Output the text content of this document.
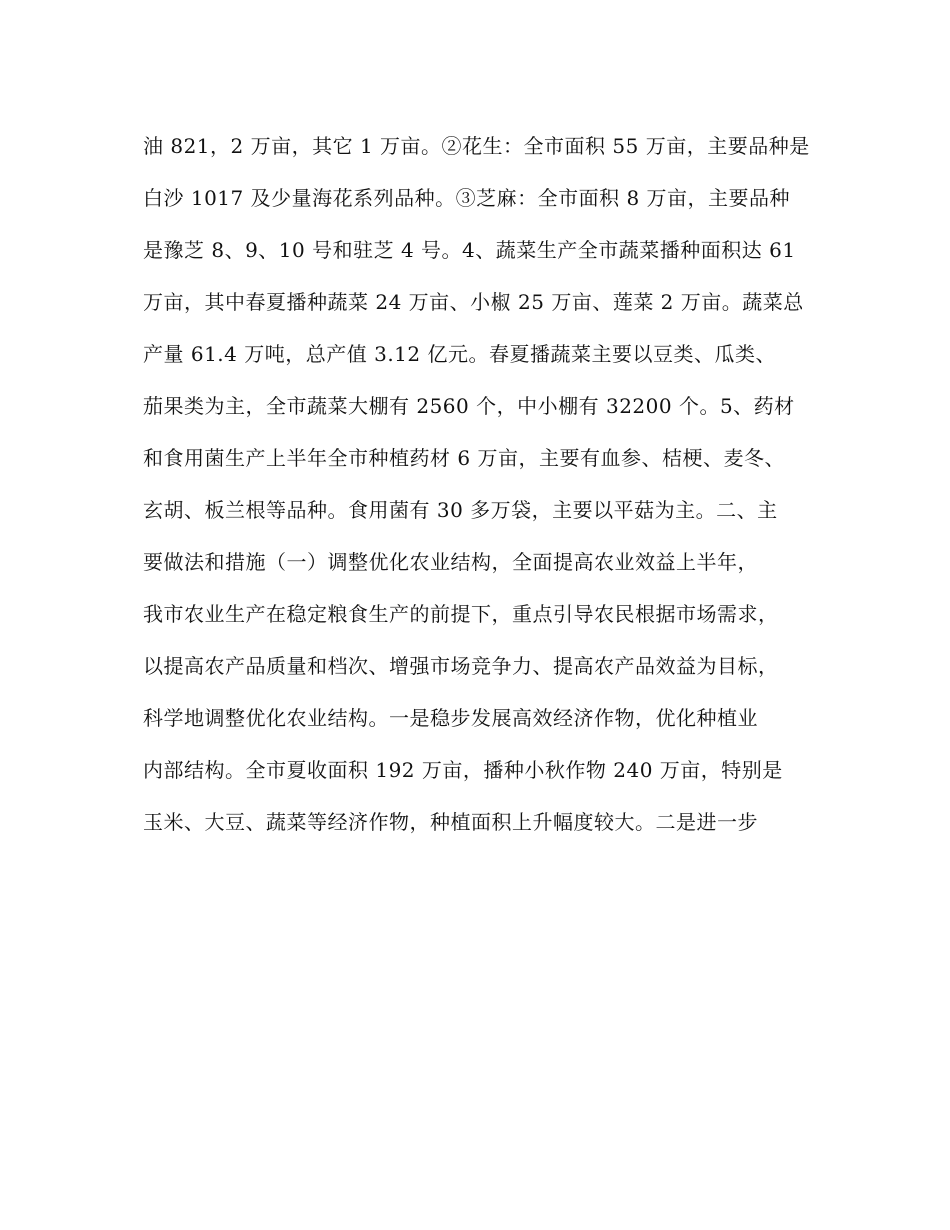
油 821，2 万亩，其它 1 万亩。②花生：全市面积 55 万亩，主要品种是
白沙 1017 及少量海花系列品种。③芝麻：全市面积 8 万亩，主要品种
是豫芝 8、9、10 号和驻芝 4 号。4、蔬菜生产全市蔬菜播种面积达 61
万亩，其中春夏播种蔬菜 24 万亩、小椒 25 万亩、莲菜 2 万亩。蔬菜总
产量 61.4 万吨，总产值 3.12 亿元。春夏播蔬菜主要以豆类、瓜类、
茄果类为主，全市蔬菜大棚有 2560 个，中小棚有 32200 个。5、药材
和食用菌生产上半年全市种植药材 6 万亩，主要有血参、桔梗、麦冬、
玄胡、板兰根等品种。食用菌有 30 多万袋，主要以平菇为主。二、主
要做法和措施（一）调整优化农业结构，全面提高农业效益上半年，
我市农业生产在稳定粮食生产的前提下，重点引导农民根据市场需求，
以提高农产品质量和档次、增强市场竞争力、提高农产品效益为目标，
科学地调整优化农业结构。一是稳步发展高效经济作物，优化种植业
内部结构。全市夏收面积 192 万亩，播种小秋作物 240 万亩，特别是
玉米、大豆、蔬菜等经济作物，种植面积上升幅度较大。二是进一步
